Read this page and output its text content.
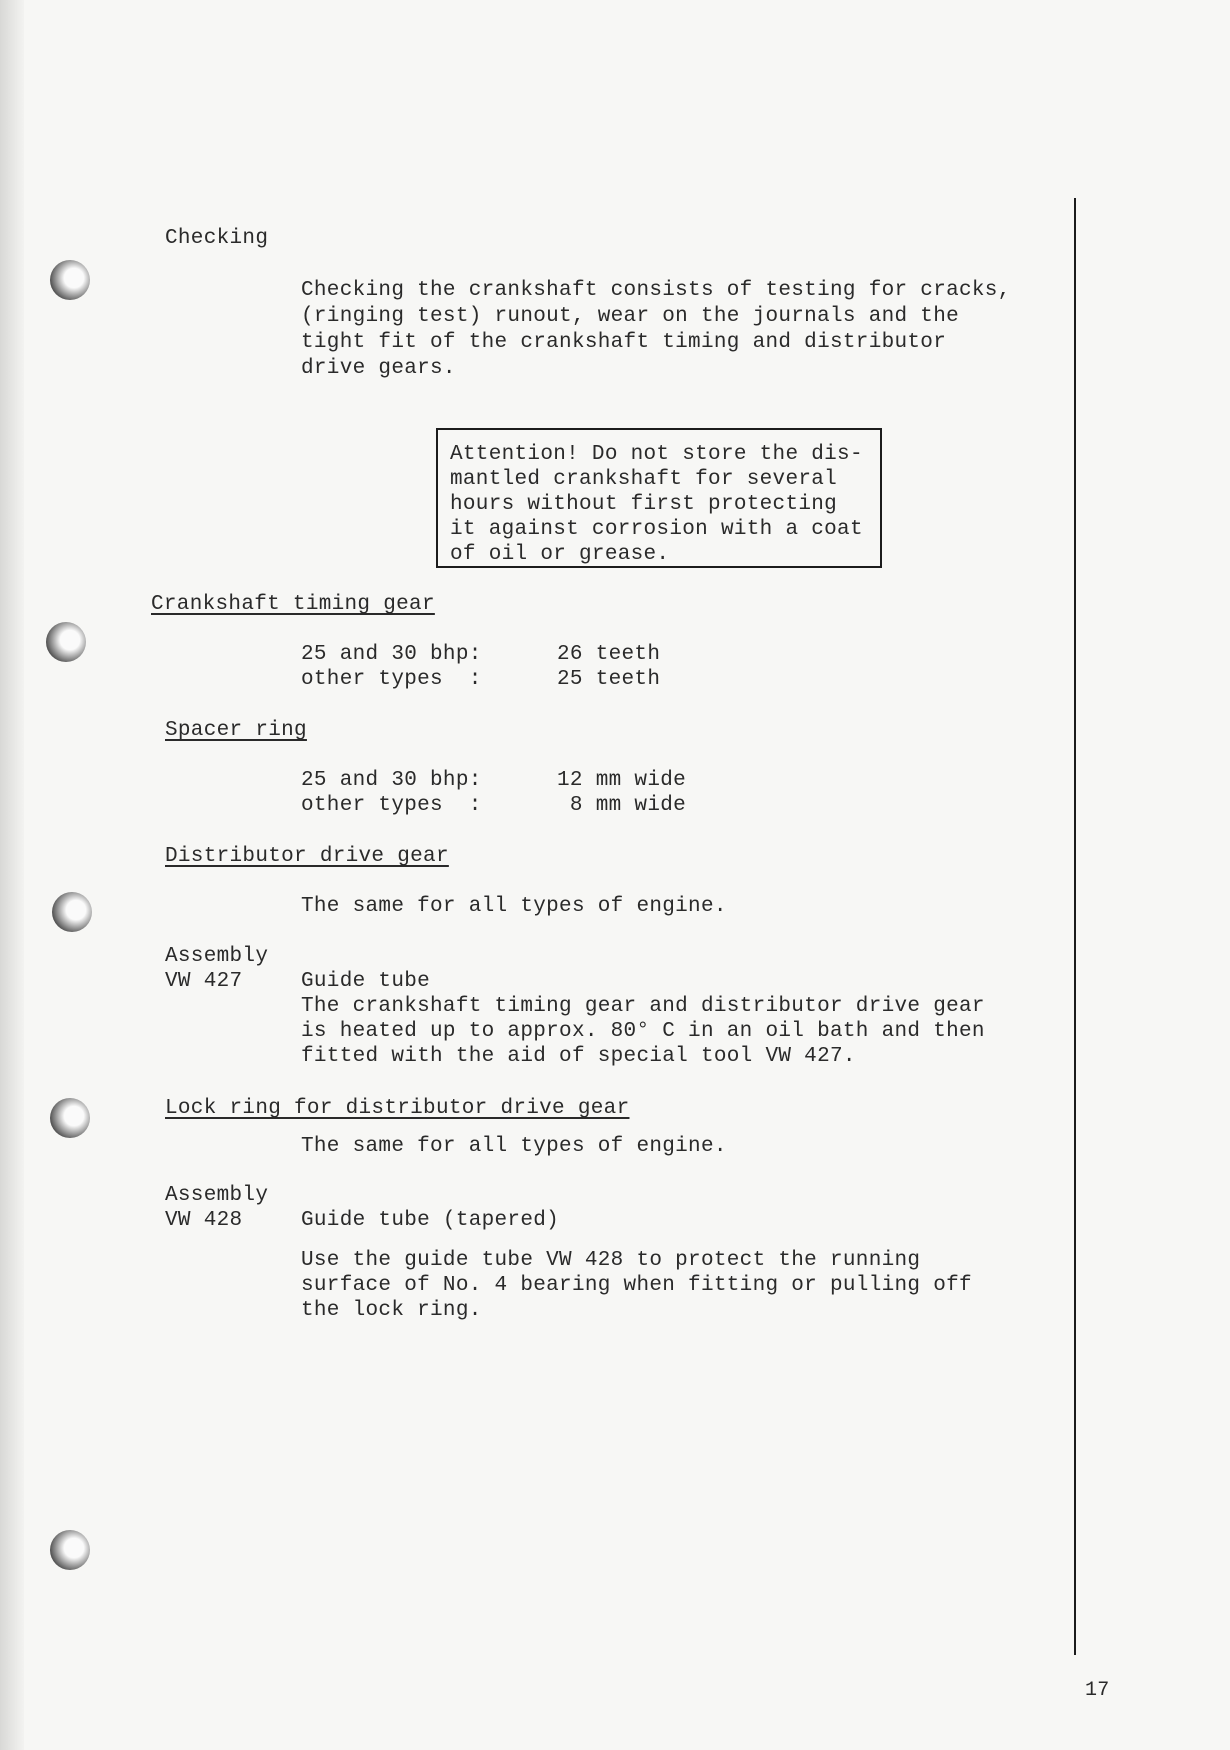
Checking
Checking the crankshaft consists of testing for cracks,
(ringing test) runout, wear on the journals and the
tight fit of the crankshaft timing and distributor
drive gears.
Attention! Do not store the dis-
mantled crankshaft for several
hours without first protecting
it against corrosion with a coat
of oil or grease.
Crankshaft timing gear
25 and 30 bhp:	26 teeth
other types  :	25 teeth
Spacer ring
25 and 30 bhp:	12 mm wide
other types  :	8 mm wide
Distributor drive gear
The same for all types of engine.
Assembly
VW 427	Guide tube
The crankshaft timing gear and distributor drive gear
is heated up to approx. 80° C in an oil bath and then
fitted with the aid of special tool VW 427.
Lock ring for distributor drive gear
The same for all types of engine.
Assembly
VW 428	Guide tube (tapered)
Use the guide tube VW 428 to protect the running
surface of No. 4 bearing when fitting or pulling off
the lock ring.
17
